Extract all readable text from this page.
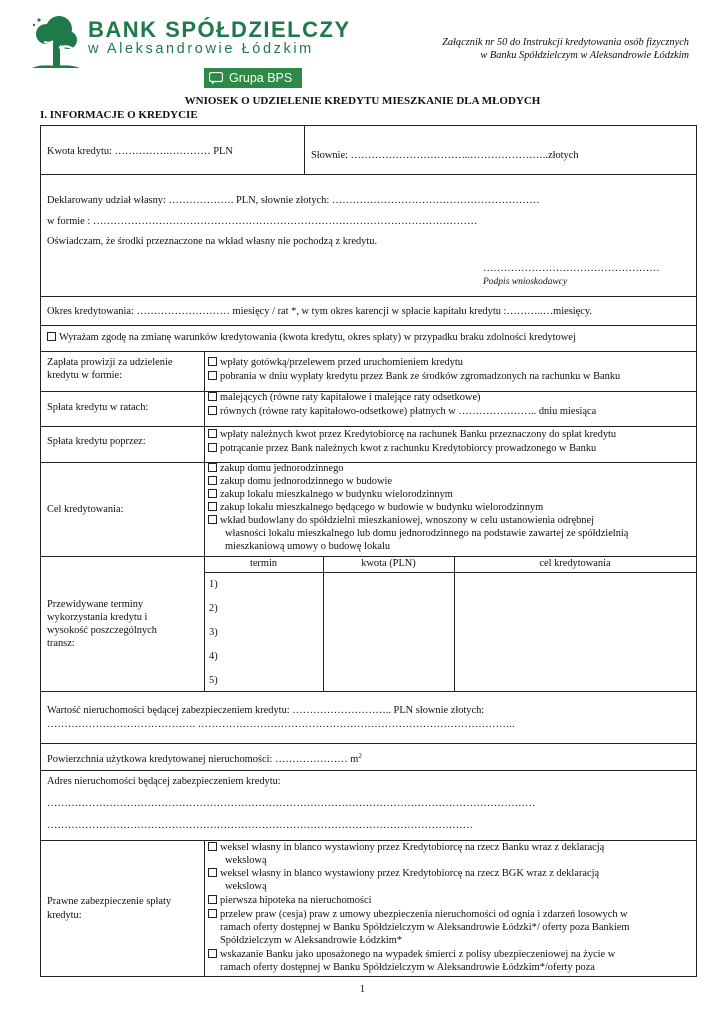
BANK SPÓŁDZIELCZY
w Aleksandrowie Łódzkim
Grupa BPS
Załącznik nr 50 do Instrukcji kredytowania osób fizycznych
w Banku Spółdzielczym w Aleksandrowie Łódzkim
WNIOSEK O UDZIELENIE KREDYTU MIESZKANIE DLA MŁODYCH
I. INFORMACJE O KREDYCIE
Kwota kredytu: …………….………… PLN	Słownie: ……………………………..…………………..złotych
Deklarowany udział własny: ………………. PLN, słownie złotych: ……………………………………………………
w formie : …………………………………………………………………………………………………
Oświadczam, że środki przeznaczone na wkład własny nie pochodzą z kredytu.
……………………………………………
Podpis wnioskodawcy
Okres kredytowania: ……………………… miesięcy / rat *, w tym okres karencji w spłacie kapitału kredytu :………..…miesięcy.
Wyrażam zgodę na zmianę warunków kredytowania (kwota kredytu, okres spłaty) w przypadku braku zdolności kredytowej
Zapłata prowizji za udzielenie
kredytu w formie:
wpłaty gotówką/przelewem przed uruchomieniem kredytu
pobrania w dniu wypłaty kredytu przez Bank ze środków zgromadzonych na rachunku w Banku
Spłata kredytu w ratach:
malejących (równe raty kapitałowe i malejące raty odsetkowe)
równych (równe raty kapitałowo-odsetkowe) płatnych w ………………….. dniu miesiąca
Spłata kredytu poprzez:
wpłaty należnych kwot przez Kredytobiorcę na rachunek Banku przeznaczony do spłat kredytu
potrącanie przez Bank należnych kwot z rachunku Kredytobiorcy prowadzonego w Banku
Cel kredytowania:
zakup domu jednorodzinnego
zakup domu jednorodzinnego w budowie
zakup lokalu mieszkalnego w budynku wielorodzinnym
zakup lokalu mieszkalnego będącego w budowie w budynku wielorodzinnym
wkład budowlany do spółdzielni mieszkaniowej, wnoszony w celu ustanowienia odrębnej
własności lokalu mieszkalnego lub domu jednorodzinnego na podstawie zawartej ze spółdzielnią
mieszkaniową umowy o budowę lokalu
Przewidywane terminy
wykorzystania kredytu i
wysokość poszczególnych
transz:
termin	kwota (PLN)	cel kredytowania
1)
2)
3)
4)
5)
Wartość nieruchomości będącej zabezpieczeniem kredytu: ……………………….. PLN słownie złotych:
……………………………………. ………………………………………………………………………………..
Powierzchnia użytkowa kredytowanej nieruchomości: ………………… $m^2$
Adres nieruchomości będącej zabezpieczeniem kredytu:
……………………………………………………………………………………………………………………………
……………………………………………………………………………………………………………
Prawne zabezpieczenie spłaty
kredytu:
weksel własny in blanco wystawiony przez Kredytobiorcę na rzecz Banku wraz z deklaracją
wekslową
weksel własny in blanco wystawiony przez Kredytobiorcę na rzecz BGK wraz z deklaracją
wekslową
pierwsza hipoteka na nieruchomości
przelew praw (cesja) praw z umowy ubezpieczenia nieruchomości od ognia i zdarzeń losowych w
ramach oferty dostępnej w Banku Spółdzielczym w Aleksandrowie Łódzki*/ oferty poza Bankiem
Spółdzielczym w Aleksandrowie Łódzkim*
wskazanie Banku jako uposażonego na wypadek śmierci z polisy ubezpieczeniowej na życie w
ramach oferty dostępnej w Banku Spółdzielczym w Aleksandrowie Łódzkim*/oferty poza
1
